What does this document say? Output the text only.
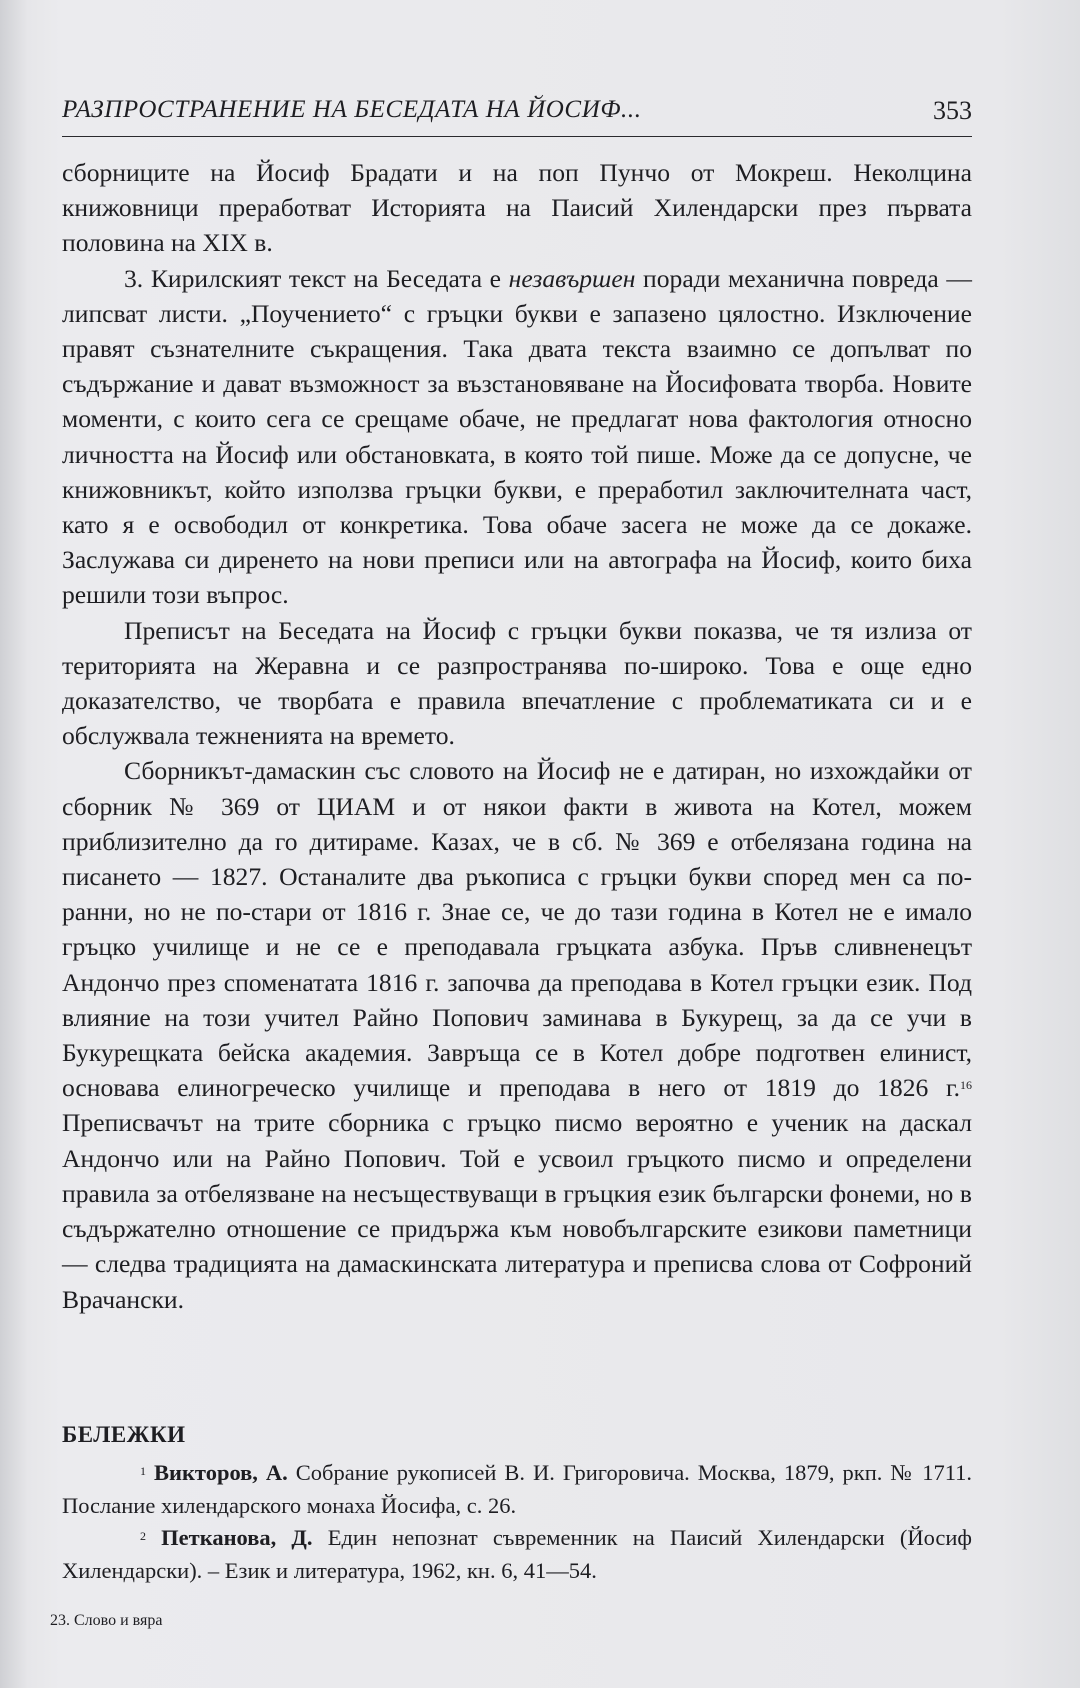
РАЗПРОСТРАНЕНИЕ НА БЕСЕДАТА НА ЙОСИФ...	353

сборниците на Йосиф Брадати и на поп Пунчо от Мокреш. Неколцина книжовници преработват Историята на Паисий Хилендарски през първата половина на XIX в.

3. Кирилският текст на Беседата е незавършен поради механична повреда — липсват листи. „Поучението“ с гръцки букви е запазено цялостно. Изключение правят съзнателните съкращения. Така двата текста взаимно се допълват по съдържание и дават възможност за възстановяване на Йосифовата творба. Новите моменти, с които сега се срещаме обаче, не предлагат нова фактология относно личността на Йосиф или обстановката, в която той пише. Може да се допусне, че книжовникът, който използва гръцки букви, е преработил заключителната част, като я е освободил от конкретика. Това обаче засега не може да се докаже. Заслужава си диренето на нови преписи или на автографа на Йосиф, които биха решили този въпрос.

Преписът на Беседата на Йосиф с гръцки букви показва, че тя излиза от територията на Жеравна и се разпространява по-широко. Това е още едно доказателство, че творбата е правила впечатление с проблематиката си и е обслужвала тежненията на времето.

Сборникът-дамаскин със словото на Йосиф не е датиран, но изхождайки от сборник № 369 от ЦИАМ и от някои факти в живота на Котел, можем приблизително да го дитираме. Казах, че в сб. № 369 е отбелязана година на писането — 1827. Останалите два ръкописа с гръцки букви според мен са по-ранни, но не по-стари от 1816 г. Знае се, че до тази година в Котел не е имало гръцко училище и не се е преподавала гръцката азбука. Пръв сливненецът Андончо през споменатата 1816 г. започва да преподава в Котел гръцки език. Под влияние на този учител Райно Попович заминава в Букурещ, за да се учи в Букурещката бейска академия. Завръща се в Котел добре подготвен елинист, основава елиногреческо училище и преподава в него от 1819 до 1826 г.$^{16}$ Преписвачът на трите сборника с гръцко писмо вероятно е ученик на даскал Андончо или на Райно Попович. Той е усвоил гръцкото писмо и определени правила за отбелязване на несъществуващи в гръцкия език български фонеми, но в съдържателно отношение се придържа към новобългарските езикови паметници — следва традицията на дамаскинската литература и преписва слова от Софроний Врачански.

БЕЛЕЖКИ

$^1$ Викторов, А. Собрание рукописей В. И. Григоровича. Москва, 1879, ркп. № 1711. Послание хилендарского монаха Йосифа, с. 26.

$^2$ Петканова, Д. Един непознат съвременник на Паисий Хилендарски (Йосиф Хилендарски). – Език и литература, 1962, кн. 6, 41—54.

23. Слово и вяра
